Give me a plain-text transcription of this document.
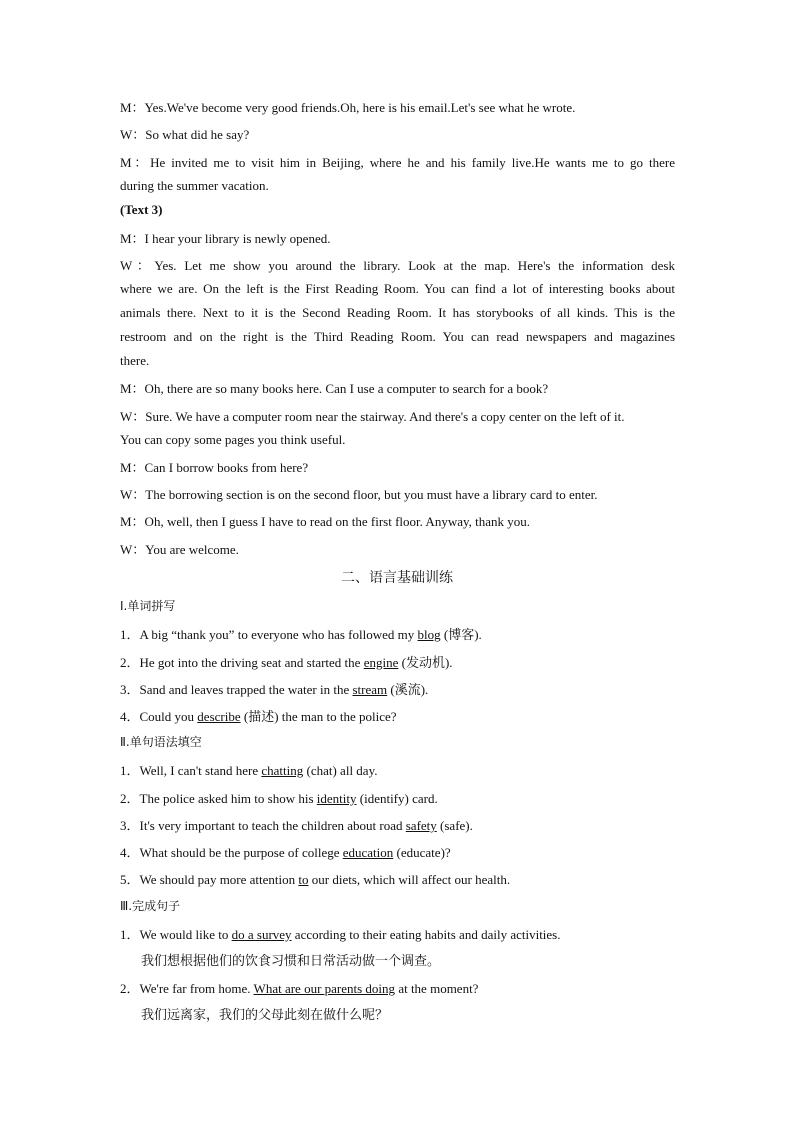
M：Yes.We've become very good friends.Oh, here is his email.Let's see what he wrote.
W：So what did he say?
M：He invited me to visit him in Beijing, where he and his family live.He wants me to go there
during the summer vacation.
(Text 3)
M：I hear your library is newly opened.
W：Yes. Let me show you around the library. Look at the map. Here's the information desk
where we are. On the left is the First Reading Room. You can find a lot of interesting books about
animals there. Next to it is the Second Reading Room. It has storybooks of all kinds. This is the
restroom and on the right is the Third Reading Room. You can read newspapers and magazines
there.
M：Oh, there are so many books here. Can I use a computer to search for a book?
W：Sure. We have a computer room near the stairway. And there's a copy center on the left of it.
You can copy some pages you think useful.
M：Can I borrow books from here?
W：The borrowing section is on the second floor, but you must have a library card to enter.
M：Oh, well, then I guess I have to read on the first floor. Anyway, thank you.
W：You are welcome.
二、语言基础训练
Ⅰ.单词拼写
1．A big “thank you” to everyone who has followed my blog (博客).
2．He got into the driving seat and started the engine (发动机).
3．Sand and leaves trapped the water in the stream (溪流).
4．Could you describe (描述) the man to the police?
Ⅱ.单句语法填空
1．Well, I can't stand here chatting (chat) all day.
2．The police asked him to show his identity (identify) card.
3．It's very important to teach the children about road safety (safe).
4．What should be the purpose of college education (educate)?
5．We should pay more attention to our diets, which will affect our health.
Ⅲ.完成句子
1．We would like to do a survey according to their eating habits and daily activities.
我们想根据他们的饮食习惯和日常活动做一个调查。
2．We're far from home. What are our parents doing at the moment?
我们远离家，我们的父母此刻在做什么呢？
